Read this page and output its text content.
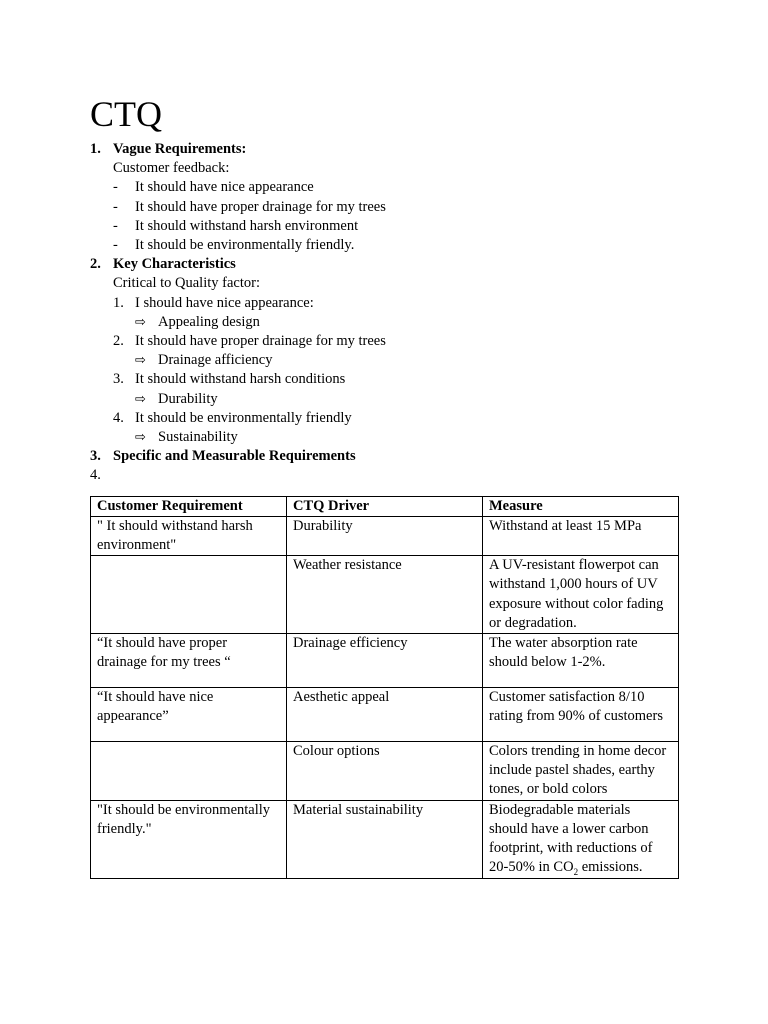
CTQ
1. Vague Requirements:
Customer feedback:
- It should have nice appearance
- It should have proper drainage for my trees
- It should withstand harsh environment
- It should be environmentally friendly.
2. Key Characteristics
Critical to Quality factor:
1. I should have nice appearance:
⇨ Appealing design
2. It should have proper drainage for my trees
⇨ Drainage afficiency
3. It should withstand harsh conditions
⇨ Durability
4. It should be environmentally friendly
⇨ Sustainability
3. Specific and Measurable Requirements
4.

Customer Requirement	CTQ Driver	Measure
" It should withstand harsh environment"	Durability	Withstand at least 15 MPa
	Weather resistance	A UV-resistant flowerpot can withstand 1,000 hours of UV exposure without color fading or degradation.
“It should have proper drainage for my trees “	Drainage efficiency	The water absorption rate should below 1-2%.
“It should have nice appearance”	Aesthetic appeal	Customer satisfaction 8/10 rating from 90% of customers
	Colour options	Colors trending in home decor include pastel shades, earthy tones, or bold colors
"It should be environmentally friendly."	Material sustainability	Biodegradable materials should have a lower carbon footprint, with reductions of 20-50% in $CO_2$ emissions.
